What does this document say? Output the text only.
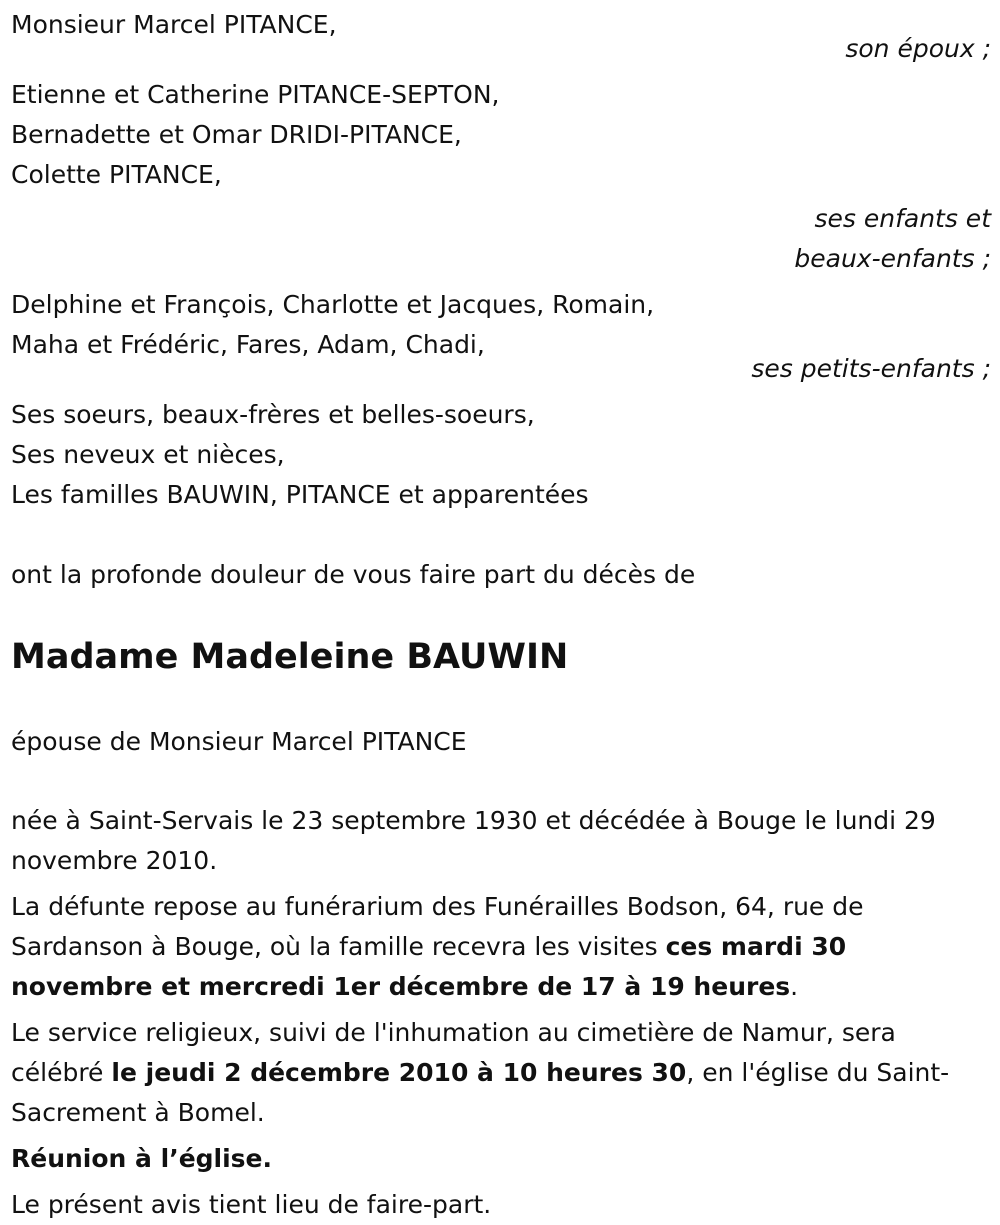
Monsieur Marcel PITANCE,
son époux ;
Etienne et Catherine PITANCE-SEPTON,
Bernadette et Omar DRIDI-PITANCE,
Colette PITANCE,
ses enfants et
beaux-enfants ;
Delphine et François, Charlotte et Jacques, Romain,
Maha et Frédéric, Fares, Adam, Chadi,
ses petits-enfants ;
Ses soeurs, beaux-frères et belles-soeurs,
Ses neveux et nièces,
Les familles BAUWIN, PITANCE et apparentées
ont la profonde douleur de vous faire part du décès de
Madame Madeleine BAUWIN
épouse de Monsieur Marcel PITANCE

née à Saint-Servais le 23 septembre 1930 et décédée à Bouge le lundi 29 novembre 2010.

La défunte repose au funérarium des Funérailles Bodson, 64, rue de Sardanson à Bouge, où la famille recevra les visites ces mardi 30 novembre et mercredi 1er décembre de 17 à 19 heures.

Le service religieux, suivi de l'inhumation au cimetière de Namur, sera célébré le jeudi 2 décembre 2010 à 10 heures 30, en l'église du Saint-Sacrement à Bomel.

Réunion à l’église.

Le présent avis tient lieu de faire-part.
